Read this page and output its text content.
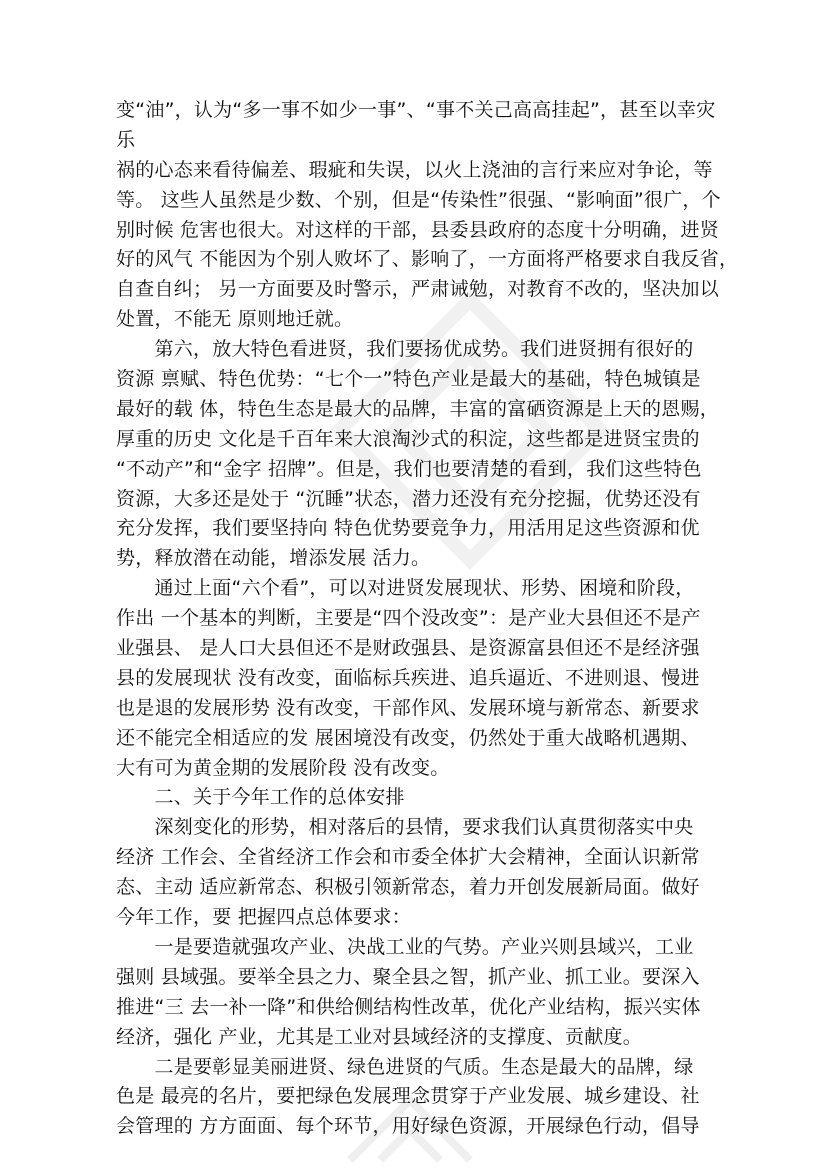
变“油”，认为“多一事不如少一事”、“事不关己高高挂起”，甚至以幸灾
乐
祸的心态来看待偏差、瑕疵和失误，以火上浇油的言行来应对争论，等
等。 这些人虽然是少数、个别，但是“传染性”很强、“影响面”很广，个
别时候 危害也很大。对这样的干部，县委县政府的态度十分明确，进贤
好的风气 不能因为个别人败坏了、影响了，一方面将严格要求自我反省，
自查自纠； 另一方面要及时警示，严肃诫勉，对教育不改的，坚决加以
处置，不能无 原则地迁就。
　　第六，放大特色看进贤，我们要扬优成势。我们进贤拥有很好的
资源 禀赋、特色优势：“七个一”特色产业是最大的基础，特色城镇是
最好的载 体，特色生态是最大的品牌，丰富的富硒资源是上天的恩赐，
厚重的历史 文化是千百年来大浪淘沙式的积淀，这些都是进贤宝贵的
“不动产”和“金字 招牌”。但是，我们也要清楚的看到，我们这些特色
资源，大多还是处于 “沉睡”状态，潜力还没有充分挖掘，优势还没有
充分发挥，我们要坚持向 特色优势要竞争力，用活用足这些资源和优
势，释放潜在动能，增添发展 活力。
　　通过上面“六个看”，可以对进贤发展现状、形势、困境和阶段，
作出 一个基本的判断，主要是“四个没改变”：是产业大县但还不是产
业强县、 是人口大县但还不是财政强县、是资源富县但还不是经济强
县的发展现状 没有改变，面临标兵疾进、追兵逼近、不进则退、慢进
也是退的发展形势 没有改变，干部作风、发展环境与新常态、新要求
还不能完全相适应的发 展困境没有改变，仍然处于重大战略机遇期、
大有可为黄金期的发展阶段 没有改变。
　　二、关于今年工作的总体安排
　　深刻变化的形势，相对落后的县情，要求我们认真贯彻落实中央
经济 工作会、全省经济工作会和市委全体扩大会精神，全面认识新常
态、主动 适应新常态、积极引领新常态，着力开创发展新局面。做好
今年工作，要 把握四点总体要求：
　　一是要造就强攻产业、决战工业的气势。产业兴则县域兴，工业
强则 县域强。要举全县之力、聚全县之智，抓产业、抓工业。要深入
推进“三 去一补一降”和供给侧结构性改革，优化产业结构，振兴实体
经济，强化 产业，尤其是工业对县域经济的支撑度、贡献度。
　　二是要彰显美丽进贤、绿色进贤的气质。生态是最大的品牌，绿
色是 最亮的名片，要把绿色发展理念贯穿于产业发展、城乡建设、社
会管理的 方方面面、每个环节，用好绿色资源，开展绿色行动，倡导
